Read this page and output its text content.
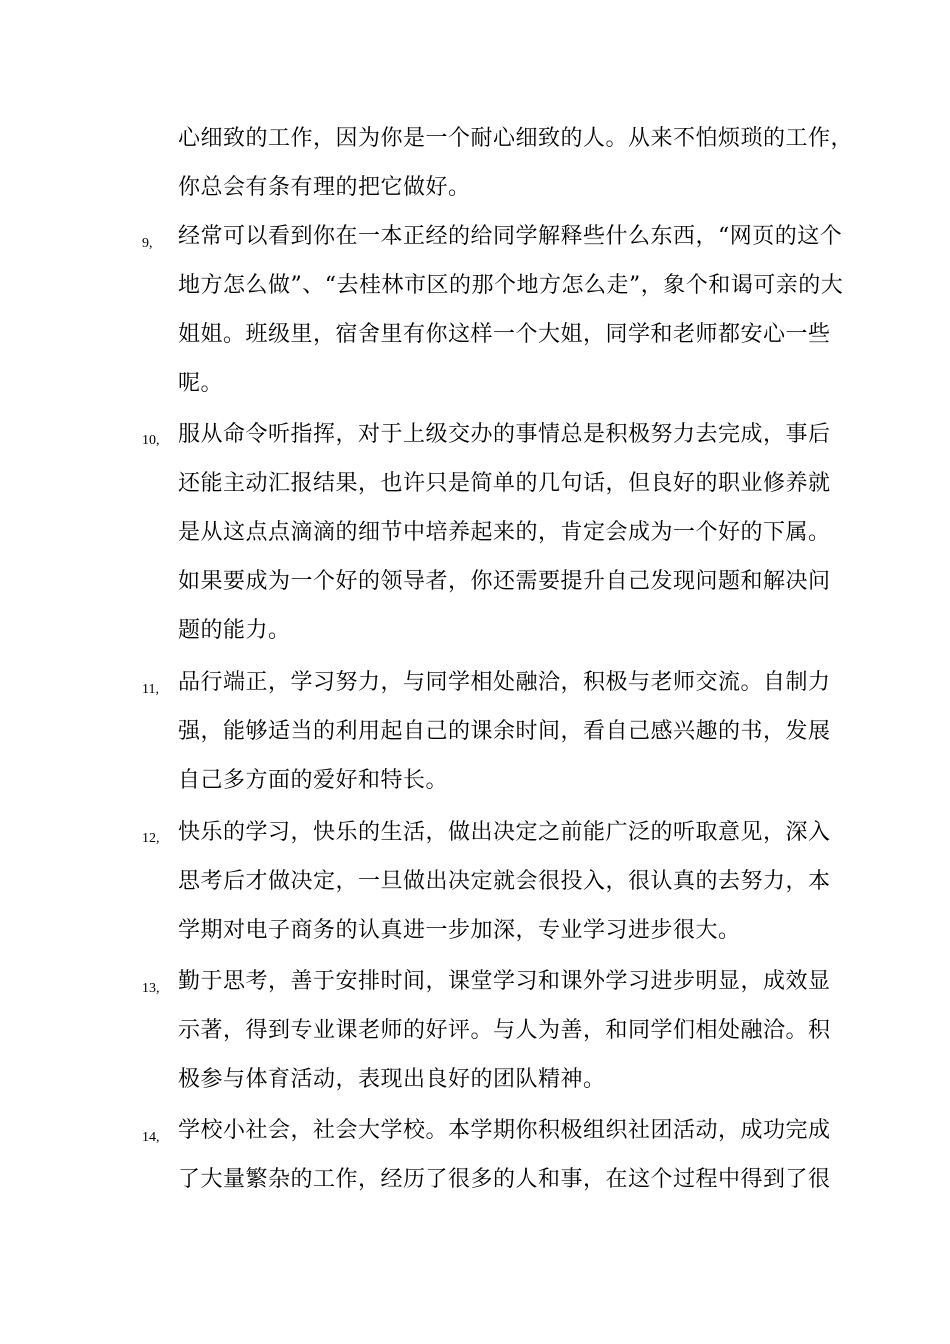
心细致的工作，因为你是一个耐心细致的人。从来不怕烦琐的工作，
你总会有条有理的把它做好。
9, 经常可以看到你在一本正经的给同学解释些什么东西，“网页的这个
地方怎么做”、“去桂林市区的那个地方怎么走”，象个和谒可亲的大
姐姐。班级里，宿舍里有你这样一个大姐，同学和老师都安心一些
呢。
10, 服从命令听指挥，对于上级交办的事情总是积极努力去完成，事后
还能主动汇报结果，也许只是简单的几句话，但良好的职业修养就
是从这点点滴滴的细节中培养起来的，肯定会成为一个好的下属。
如果要成为一个好的领导者，你还需要提升自己发现问题和解决问
题的能力。
11, 品行端正，学习努力，与同学相处融洽，积极与老师交流。自制力
强，能够适当的利用起自己的课余时间，看自己感兴趣的书，发展
自己多方面的爱好和特长。
12, 快乐的学习，快乐的生活，做出决定之前能广泛的听取意见，深入
思考后才做决定，一旦做出决定就会很投入，很认真的去努力，本
学期对电子商务的认真进一步加深，专业学习进步很大。
13, 勤于思考，善于安排时间，课堂学习和课外学习进步明显，成效显
示著，得到专业课老师的好评。与人为善，和同学们相处融洽。积
极参与体育活动，表现出良好的团队精神。
14, 学校小社会，社会大学校。本学期你积极组织社团活动，成功完成
了大量繁杂的工作，经历了很多的人和事，在这个过程中得到了很
